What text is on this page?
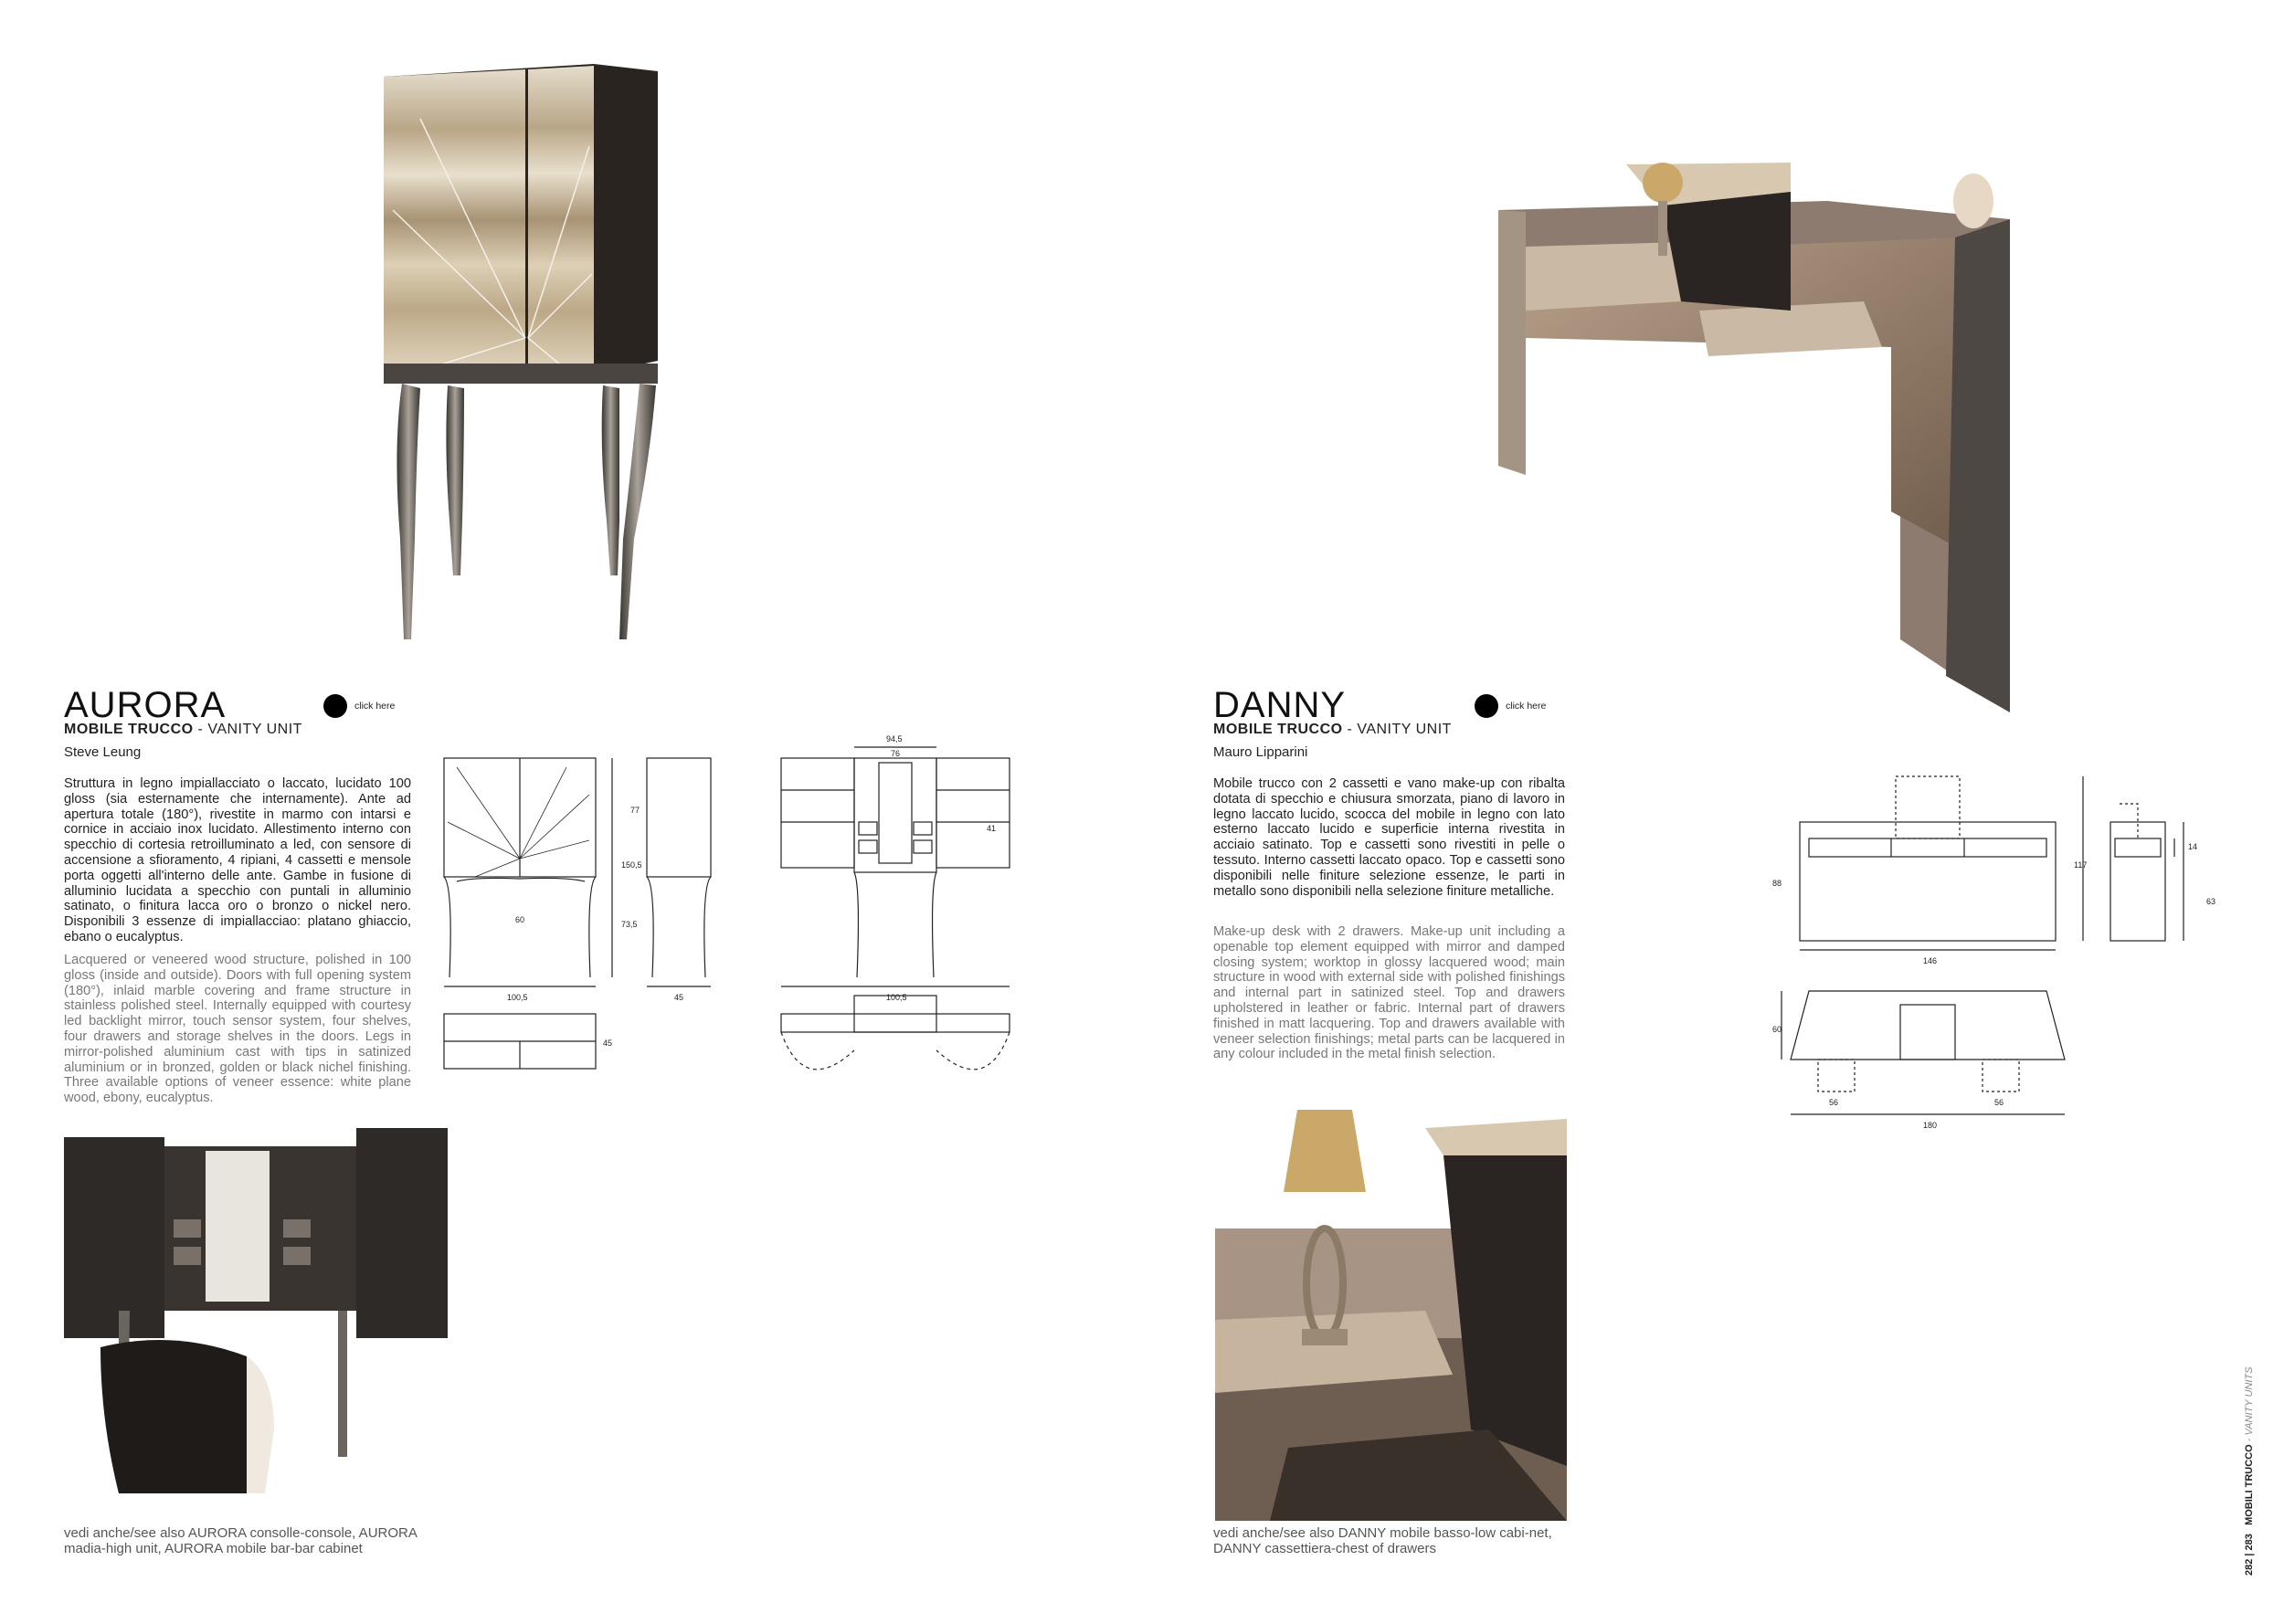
AURORA	click here
MOBILE TRUCCO - VANITY UNIT
Steve Leung
Struttura in legno impiallacciato o laccato, lucidato 100 gloss (sia esternamente che internamente). Ante ad apertura totale (180°), rivestite in marmo con intarsi e cornice in acciaio inox lucidato. Allestimento interno con specchio di cortesia retroilluminato a led, con sensore di accensione a sfioramento, 4 ripiani, 4 cassetti e mensole porta oggetti all'interno delle ante. Gambe in fusione di alluminio lucidata a specchio con puntali in alluminio satinato, o finitura lacca oro o bronzo o nickel nero. Disponibili 3 essenze di impiallacciao: platano ghiaccio, ebano o eucalyptus.
Lacquered or veneered wood structure, polished in 100 gloss (inside and outside). Doors with full opening system (180°), inlaid marble covering and frame structure in stainless polished steel. Internally equipped with courtesy led backlight mirror, touch sensor system, four shelves, four drawers and storage shelves in the doors. Legs in mirror-polished aluminium cast with tips in satinized aluminium or in bronzed, golden or black nichel finishing. Three available options of veneer essence: white plane wood, ebony, eucalyptus.
vedi anche/see also AURORA consolle-console, AURORA madia-high unit, AURORA mobile bar-bar cabinet
60
100,5	45
77
150,5
73,5
45
94,5
76
100,5
41
DANNY	click here
MOBILE TRUCCO - VANITY UNIT
Mauro Lipparini
Mobile trucco con 2 cassetti e vano make-up con ribalta dotata di specchio e chiusura smorzata, piano di lavoro in legno laccato lucido, scocca del mobile in legno con lato esterno laccato lucido e superficie interna rivestita in acciaio satinato. Top e cassetti sono rivestiti in pelle o tessuto. Interno cassetti laccato opaco. Top e cassetti sono disponibili nelle finiture selezione essenze, le parti in metallo sono disponibili nella selezione finiture metalliche.
Make-up desk with 2 drawers. Make-up unit including a openable top element equipped with mirror and damped closing system; worktop in glossy lacquered wood; main structure in wood with external side with polished finishings and internal part in satinized steel. Top and drawers upholstered in leather or fabric. Internal part of drawers finished in matt lacquering. Top and drawers available with veneer selection finishings; metal parts can be lacquered in any colour included in the metal finish selection.
vedi anche/see also DANNY mobile basso-low cabi-net, DANNY cassettiera-chest of drawers
88
117
14
63
146
60
56	56
180
282 | 283   MOBILI TRUCCO - VANITY UNITS
